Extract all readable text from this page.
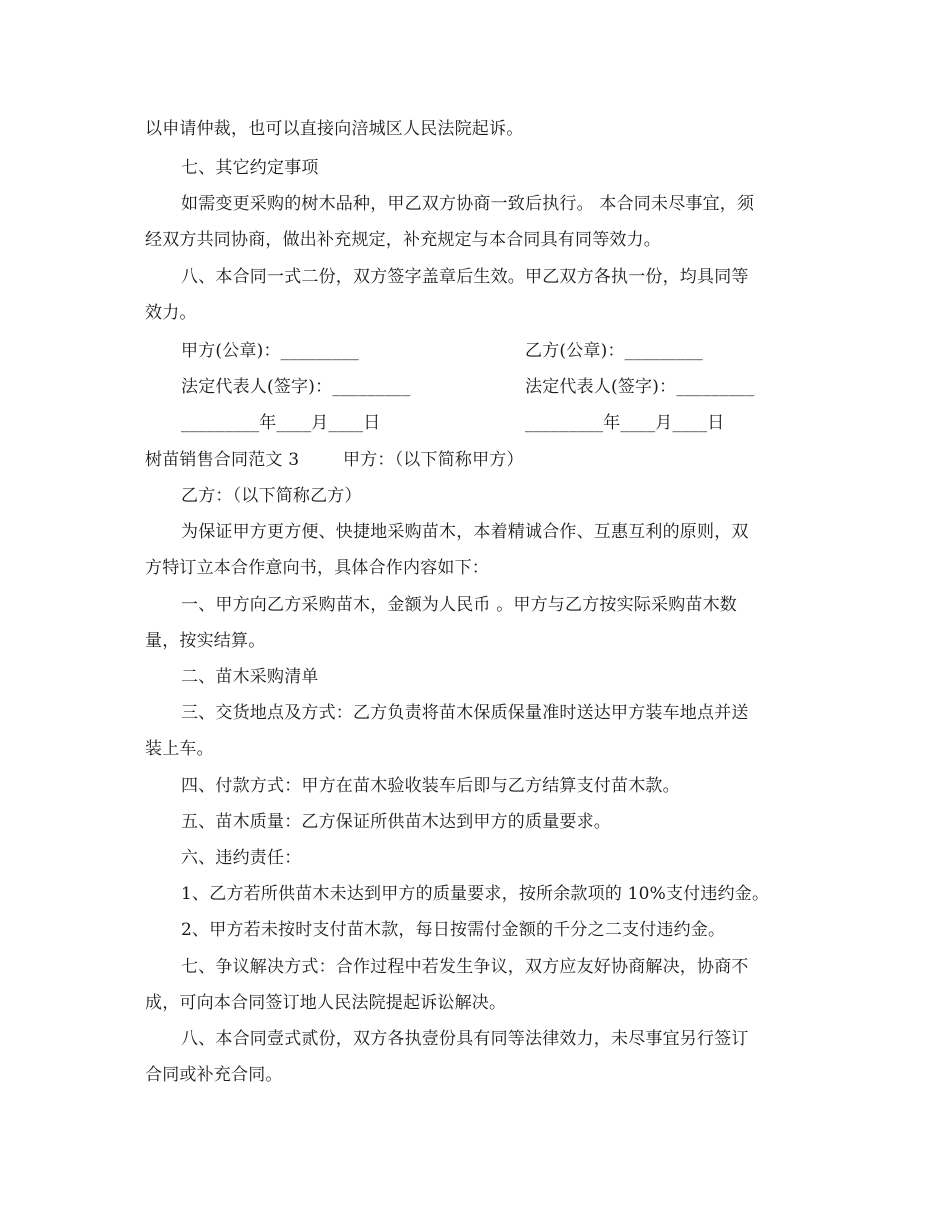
以申请仲裁，也可以直接向涪城区人民法院起诉。
七、其它约定事项
如需变更采购的树木品种，甲乙双方协商一致后执行。 本合同未尽事宜，须
经双方共同协商，做出补充规定，补充规定与本合同具有同等效力。
八、本合同一式二份，双方签字盖章后生效。甲乙双方各执一份，均具同等
效力。
甲方(公章)：_________	乙方(公章)：_________
法定代表人(签字)：_________	法定代表人(签字)：_________
_________年____月____日	_________年____月____日
树苗销售合同范文 3	甲方：（以下简称甲方）
乙方：（以下简称乙方）
为保证甲方更方便、快捷地采购苗木，本着精诚合作、互惠互利的原则，双
方特订立本合作意向书，具体合作内容如下：
一、甲方向乙方采购苗木，金额为人民币 。甲方与乙方按实际采购苗木数
量，按实结算。
二、苗木采购清单
三、交货地点及方式：乙方负责将苗木保质保量准时送达甲方装车地点并送
装上车。
四、付款方式：甲方在苗木验收装车后即与乙方结算支付苗木款。
五、苗木质量：乙方保证所供苗木达到甲方的质量要求。
六、违约责任：
1、乙方若所供苗木未达到甲方的质量要求，按所余款项的 10%支付违约金。
2、甲方若未按时支付苗木款，每日按需付金额的千分之二支付违约金。
七、争议解决方式：合作过程中若发生争议，双方应友好协商解决，协商不
成，可向本合同签订地人民法院提起诉讼解决。
八、本合同壹式贰份，双方各执壹份具有同等法律效力，未尽事宜另行签订
合同或补充合同。
